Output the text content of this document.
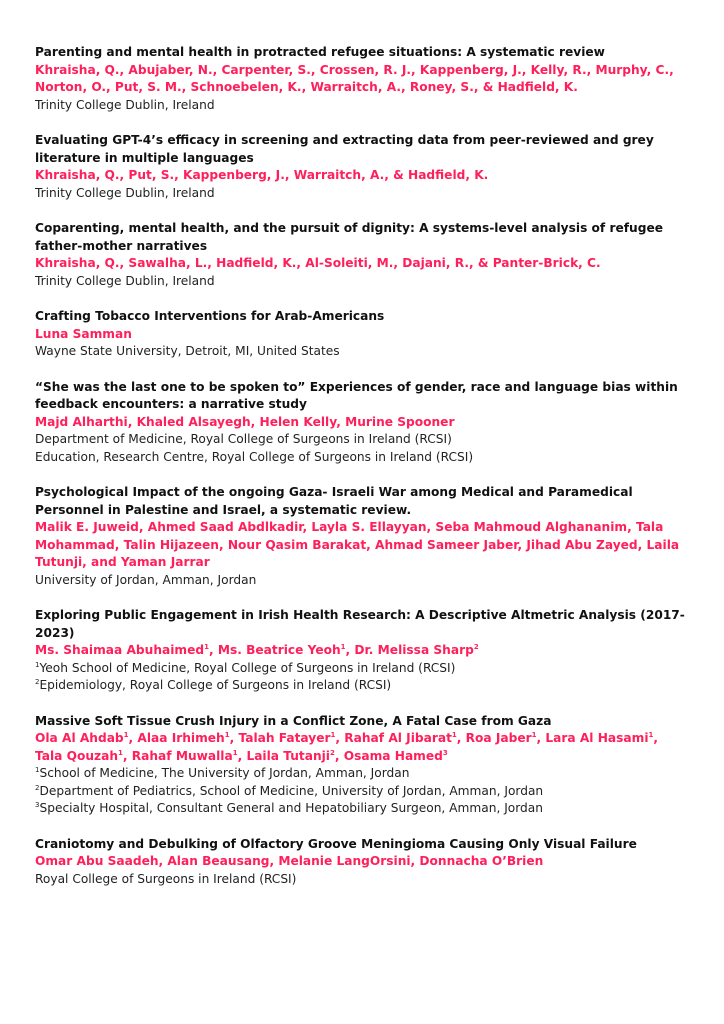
Parenting and mental health in protracted refugee situations: A systematic review
Khraisha, Q., Abujaber, N., Carpenter, S., Crossen, R. J., Kappenberg, J., Kelly, R., Murphy, C., Norton, O., Put, S. M., Schnoebelen, K., Warraitch, A., Roney, S., & Hadfield, K.
Trinity College Dublin, Ireland
Evaluating GPT-4’s efficacy in screening and extracting data from peer-reviewed and grey literature in multiple languages
Khraisha, Q., Put, S., Kappenberg, J., Warraitch, A., & Hadfield, K.
Trinity College Dublin, Ireland
Coparenting, mental health, and the pursuit of dignity: A systems-level analysis of refugee father-mother narratives
Khraisha, Q., Sawalha, L., Hadfield, K., Al-Soleiti, M., Dajani, R., & Panter-Brick, C.
Trinity College Dublin, Ireland
Crafting Tobacco Interventions for Arab-Americans
Luna Samman
Wayne State University, Detroit, MI, United States
“She was the last one to be spoken to” Experiences of gender, race and language bias within feedback encounters: a narrative study
Majd Alharthi, Khaled Alsayegh, Helen Kelly, Murine Spooner
Department of Medicine, Royal College of Surgeons in Ireland (RCSI)
Education, Research Centre, Royal College of Surgeons in Ireland (RCSI)
Psychological Impact of the ongoing Gaza- Israeli War among Medical and Paramedical Personnel in Palestine and Israel, a systematic review.
Malik E. Juweid, Ahmed Saad Abdlkadir, Layla S. Ellayyan, Seba Mahmoud Alghananim, Tala Mohammad, Talin Hijazeen, Nour Qasim Barakat, Ahmad Sameer Jaber, Jihad Abu Zayed, Laila Tutunji, and Yaman Jarrar
University of Jordan, Amman, Jordan
Exploring Public Engagement in Irish Health Research: A Descriptive Altmetric Analysis (2017-2023)
Ms. Shaimaa Abuhaimed$^1$, Ms. Beatrice Yeoh$^1$, Dr. Melissa Sharp$^2$
$^1$Yeoh School of Medicine, Royal College of Surgeons in Ireland (RCSI)
$^2$Epidemiology, Royal College of Surgeons in Ireland (RCSI)
Massive Soft Tissue Crush Injury in a Conflict Zone, A Fatal Case from Gaza
Ola Al Ahdab$^1$, Alaa Irhimeh$^1$, Talah Fatayer$^1$, Rahaf Al Jibarat$^1$, Roa Jaber$^1$, Lara Al Hasami$^1$, Tala Qouzah$^1$, Rahaf Muwalla$^1$, Laila Tutanji$^2$, Osama Hamed$^3$
$^1$School of Medicine, The University of Jordan, Amman, Jordan
$^2$Department of Pediatrics, School of Medicine, University of Jordan, Amman, Jordan
$^3$Specialty Hospital, Consultant General and Hepatobiliary Surgeon, Amman, Jordan
Craniotomy and Debulking of Olfactory Groove Meningioma Causing Only Visual Failure
Omar Abu Saadeh, Alan Beausang, Melanie LangOrsini, Donnacha O’Brien
Royal College of Surgeons in Ireland (RCSI)
